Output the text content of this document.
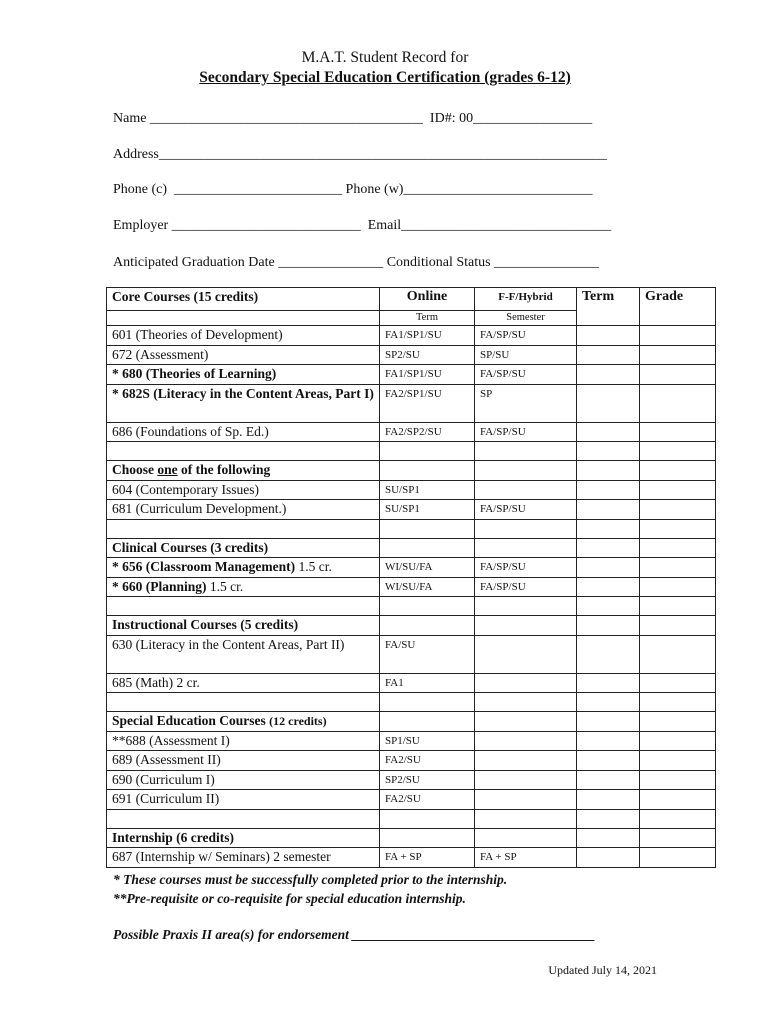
M.A.T. Student Record for
Secondary Special Education Certification (grades 6-12)
Name _______________________________________  ID#: 00_________________
Address________________________________________________________________
Phone (c)  ________________________ Phone (w)___________________________
Employer ___________________________  Email______________________________
Anticipated Graduation Date _______________ Conditional Status _______________
Core Courses (15 credits)	Online	F-F/Hybrid	Term	Grade

	Term	Semester		

601 (Theories of Development)	FA1/SP1/SU	FA/SP/SU		
672 (Assessment)	SP2/SU	SP/SU		
* 680 (Theories of Learning)	FA1/SP1/SU	FA/SP/SU		
* 682S (Literacy in the Content Areas, Part I)	FA2/SP1/SU	SP		
686 (Foundations of Sp. Ed.)	FA2/SP2/SU	FA/SP/SU		

Choose one of the following				
604 (Contemporary Issues)	SU/SP1			
681 (Curriculum Development.)	SU/SP1	FA/SP/SU		

Clinical Courses (3 credits)				
* 656 (Classroom Management) 1.5 cr.	WI/SU/FA	FA/SP/SU		
* 660 (Planning) 1.5 cr.	WI/SU/FA	FA/SP/SU		

Instructional Courses (5 credits)				
630 (Literacy in the Content Areas, Part II)	FA/SU			
685 (Math) 2 cr.	FA1			

Special Education Courses (12 credits)				
**688 (Assessment I)	SP1/SU			
689 (Assessment II)	FA2/SU			
690 (Curriculum I)	SP2/SU			
691 (Curriculum II)	FA2/SU			

Internship (6 credits)				
687 (Internship w/ Seminars) 2 semester	FA + SP	FA + SP		
* These courses must be successfully completed prior to the internship.
**Pre-requisite or co-requisite for special education internship.
Possible Praxis II area(s) for endorsement ____________________________________
Updated July 14, 2021
